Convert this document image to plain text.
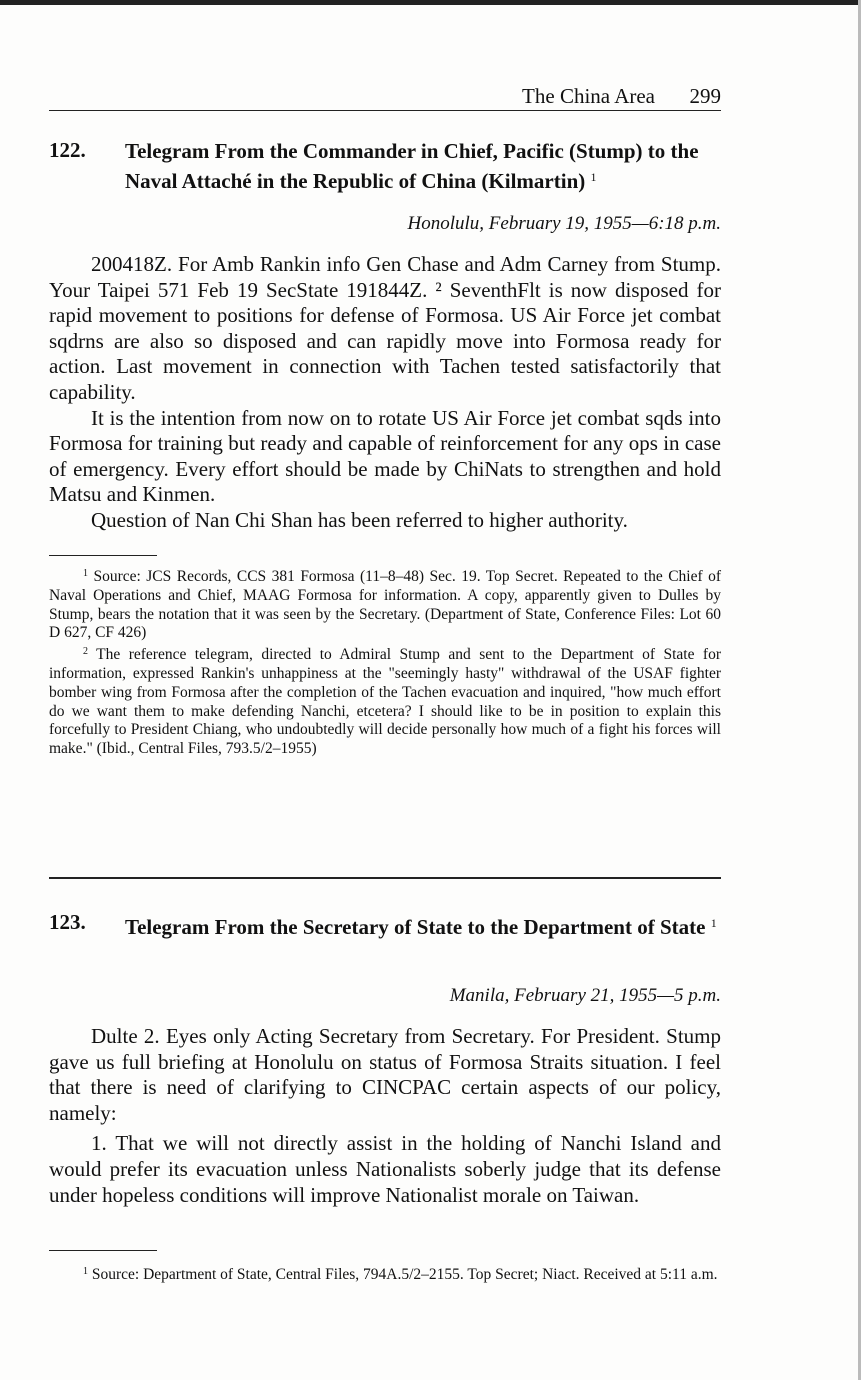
The China Area 299
122. Telegram From the Commander in Chief, Pacific (Stump) to the Naval Attaché in the Republic of China (Kilmartin) $^1$
Honolulu, February 19, 1955—6:18 p.m.

200418Z. For Amb Rankin info Gen Chase and Adm Carney from Stump. Your Taipei 571 Feb 19 SecState 191844Z. ² SeventhFlt is now disposed for rapid movement to positions for defense of Formosa. US Air Force jet combat sqdrns are also so disposed and can rapidly move into Formosa ready for action. Last movement in connection with Tachen tested satisfactorily that capability.

It is the intention from now on to rotate US Air Force jet combat sqds into Formosa for training but ready and capable of reinforcement for any ops in case of emergency. Every effort should be made by ChiNats to strengthen and hold Matsu and Kinmen.

Question of Nan Chi Shan has been referred to higher authority.

$^1$ Source: JCS Records, CCS 381 Formosa (11–8–48) Sec. 19. Top Secret. Repeated to the Chief of Naval Operations and Chief, MAAG Formosa for information. A copy, apparently given to Dulles by Stump, bears the notation that it was seen by the Secretary. (Department of State, Conference Files: Lot 60 D 627, CF 426)

$^2$ The reference telegram, directed to Admiral Stump and sent to the Department of State for information, expressed Rankin's unhappiness at the "seemingly hasty" withdrawal of the USAF fighter bomber wing from Formosa after the completion of the Tachen evacuation and inquired, "how much effort do we want them to make defending Nanchi, etcetera? I should like to be in position to explain this forcefully to President Chiang, who undoubtedly will decide personally how much of a fight his forces will make." (Ibid., Central Files, 793.5/2–1955)

123. Telegram From the Secretary of State to the Department of State $^1$
Manila, February 21, 1955—5 p.m.

Dulte 2. Eyes only Acting Secretary from Secretary. For President. Stump gave us full briefing at Honolulu on status of Formosa Straits situation. I feel that there is need of clarifying to CINCPAC certain aspects of our policy, namely:

1. That we will not directly assist in the holding of Nanchi Island and would prefer its evacuation unless Nationalists soberly judge that its defense under hopeless conditions will improve Nationalist morale on Taiwan.

$^1$ Source: Department of State, Central Files, 794A.5/2–2155. Top Secret; Niact. Received at 5:11 a.m.
